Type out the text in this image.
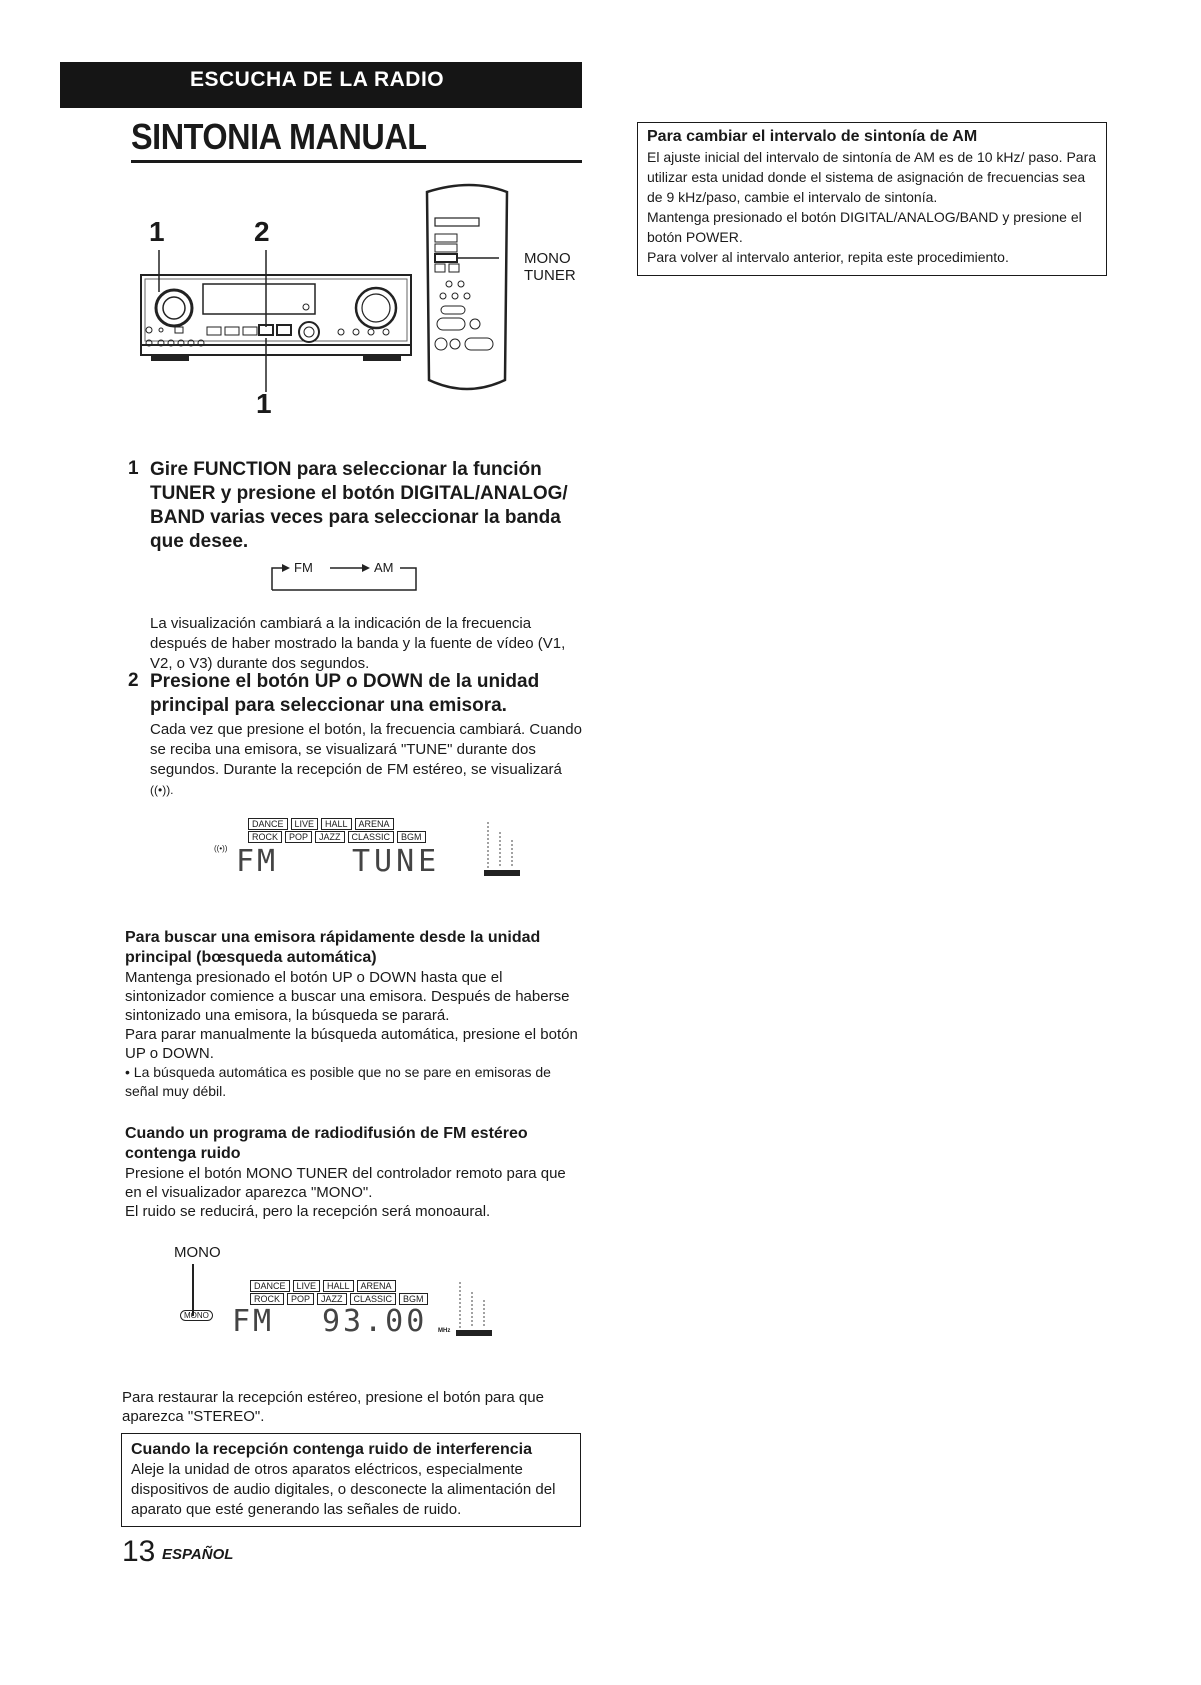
ESCUCHA DE LA RADIO
SINTONIA MANUAL
1	2
1
MONO
TUNER
1 Gire FUNCTION para seleccionar la función TUNER y presione el botón DIGITAL/ANALOG/ BAND varias veces para seleccionar la banda que desee.
FM	AM
La visualización cambiará a la indicación de la frecuencia después de haber mostrado la banda y la fuente de vídeo (V1, V2, o V3) durante dos segundos.
2 Presione el botón UP o DOWN de la unidad principal para seleccionar una emisora.
Cada vez que presione el botón, la frecuencia cambiará. Cuando se reciba una emisora, se visualizará "TUNE" durante dos segundos. Durante la recepción de FM estéreo, se visualizará ((•)).
DANCE	LIVE	HALL	ARENA
ROCK	POP	JAZZ	CLASSIC	BGM
((•)) FM TUNE
Para buscar una emisora rápidamente desde la unidad principal (bœsqueda automática)
Mantenga presionado el botón UP o DOWN hasta que el sintonizador comience a buscar una emisora. Después de haberse sintonizado una emisora, la búsqueda se parará.
Para parar manualmente la búsqueda automática, presione el botón UP o DOWN.
• La búsqueda automática es posible que no se pare en emisoras de señal muy débil.
Cuando un programa de radiodifusión de FM estéreo contenga ruido
Presione el botón MONO TUNER del controlador remoto para que en el visualizador aparezca "MONO".
El ruido se reducirá, pero la recepción será monoaural.
MONO
MONO
DANCE	LIVE	HALL	ARENA
ROCK	POP	JAZZ	CLASSIC	BGM
FM 93.00 MHz
Para restaurar la recepción estéreo, presione el botón para que aparezca "STEREO".
Cuando la recepción contenga ruido de interferencia
Aleje la unidad de otros aparatos eléctricos, especialmente dispositivos de audio digitales, o desconecte la alimentación del aparato que esté generando las señales de ruido.
Para cambiar el intervalo de sintonía de AM
El ajuste inicial del intervalo de sintonía de AM es de 10 kHz/ paso. Para utilizar esta unidad donde el sistema de asignación de frecuencias sea de 9 kHz/paso, cambie el intervalo de sintonía.
Mantenga presionado el botón DIGITAL/ANALOG/BAND y presione el botón POWER.
Para volver al intervalo anterior, repita este procedimiento.
13 ESPAÑOL
